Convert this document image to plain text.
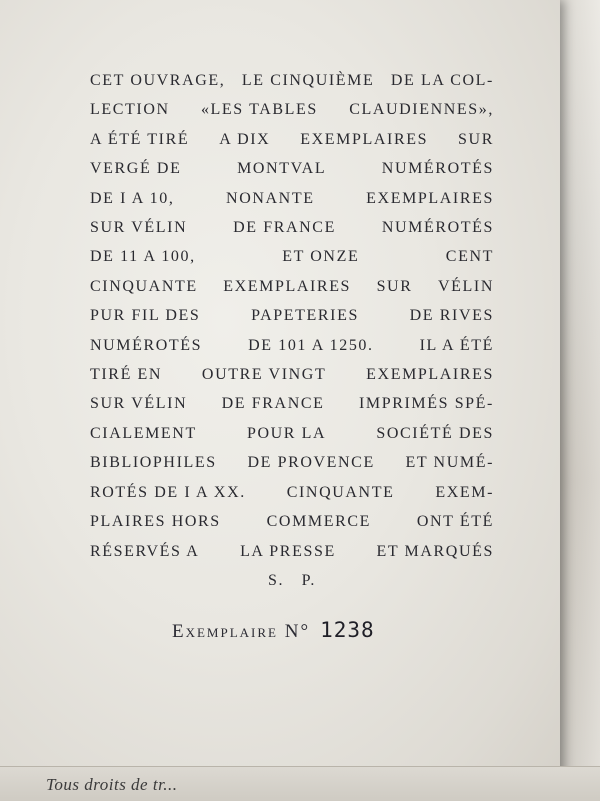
CET OUVRAGE, LE CINQUIÈME DE LA COL-
LECTION «LES TABLES CLAUDIENNES»,
A ÉTÉ TIRÉ A DIX EXEMPLAIRES SUR
VERGÉ DE	MONTVAL	NUMÉROTÉS
DE I A 10,	NONANTE	EXEMPLAIRES
SUR VÉLIN	DE FRANCE	NUMÉROTÉS
DE 11 A 100,	ET ONZE	CENT
CINQUANTE EXEMPLAIRES SUR VÉLIN
PUR FIL DES	PAPETERIES	DE RIVES
NUMÉROTÉS	DE 101 A 1250.	IL A ÉTÉ
TIRÉ EN OUTRE VINGT EXEMPLAIRES
SUR VÉLIN DE FRANCE IMPRIMÉS SPÉ-
CIALEMENT	POUR LA	SOCIÉTÉ DES
BIBLIOPHILES DE PROVENCE ET NUMÉ-
ROTÉS DE I A XX.	CINQUANTE	EXEM-
PLAIRES HORS	COMMERCE	ONT ÉTÉ
RÉSERVÉS A	LA PRESSE	ET MARQUÉS
S. P.
Exemplaire N° 1238
Tous droits de tr...
